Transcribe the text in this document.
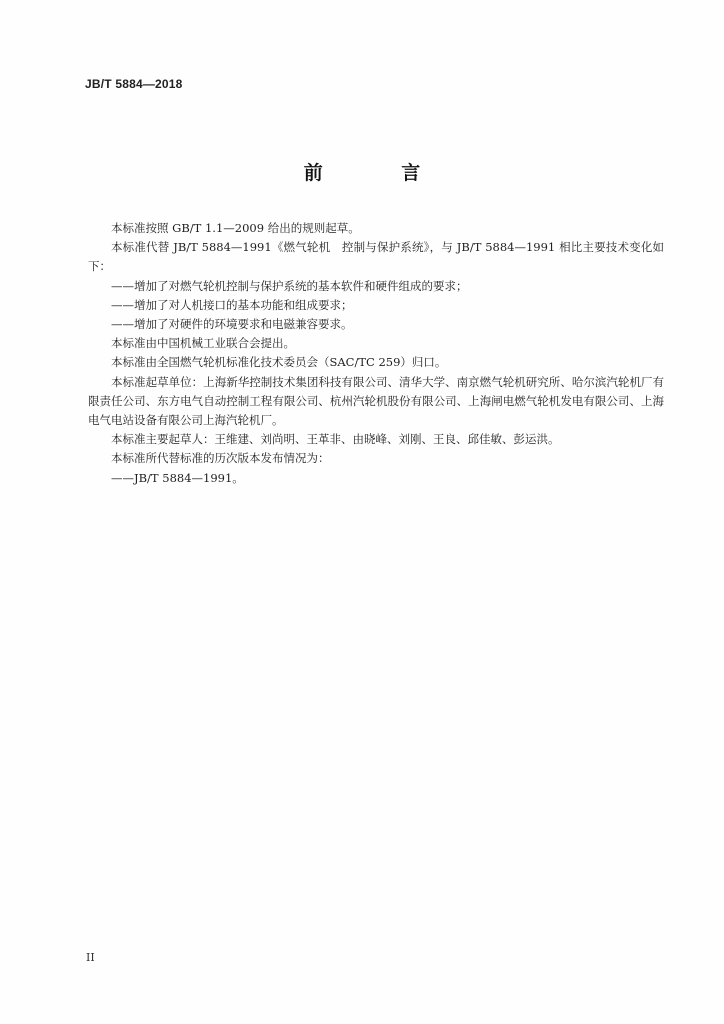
JB/T 5884—2018
前 言

本标准按照 GB/T 1.1—2009 给出的规则起草。

本标准代替 JB/T 5884—1991《燃气轮机　控制与保护系统》，与 JB/T 5884—1991 相比主要技术变化如下：

——增加了对燃气轮机控制与保护系统的基本软件和硬件组成的要求；

——增加了对人机接口的基本功能和组成要求；

——增加了对硬件的环境要求和电磁兼容要求。

本标准由中国机械工业联合会提出。

本标准由全国燃气轮机标准化技术委员会（SAC/TC 259）归口。

本标准起草单位：上海新华控制技术集团科技有限公司、清华大学、南京燃气轮机研究所、哈尔滨汽轮机厂有限责任公司、东方电气自动控制工程有限公司、杭州汽轮机股份有限公司、上海闸电燃气轮机发电有限公司、上海电气电站设备有限公司上海汽轮机厂。

本标准主要起草人：王维建、刘尚明、王革非、由晓峰、刘刚、王良、邱佳敏、彭运洪。

本标准所代替标准的历次版本发布情况为：

——JB/T 5884—1991。

II
